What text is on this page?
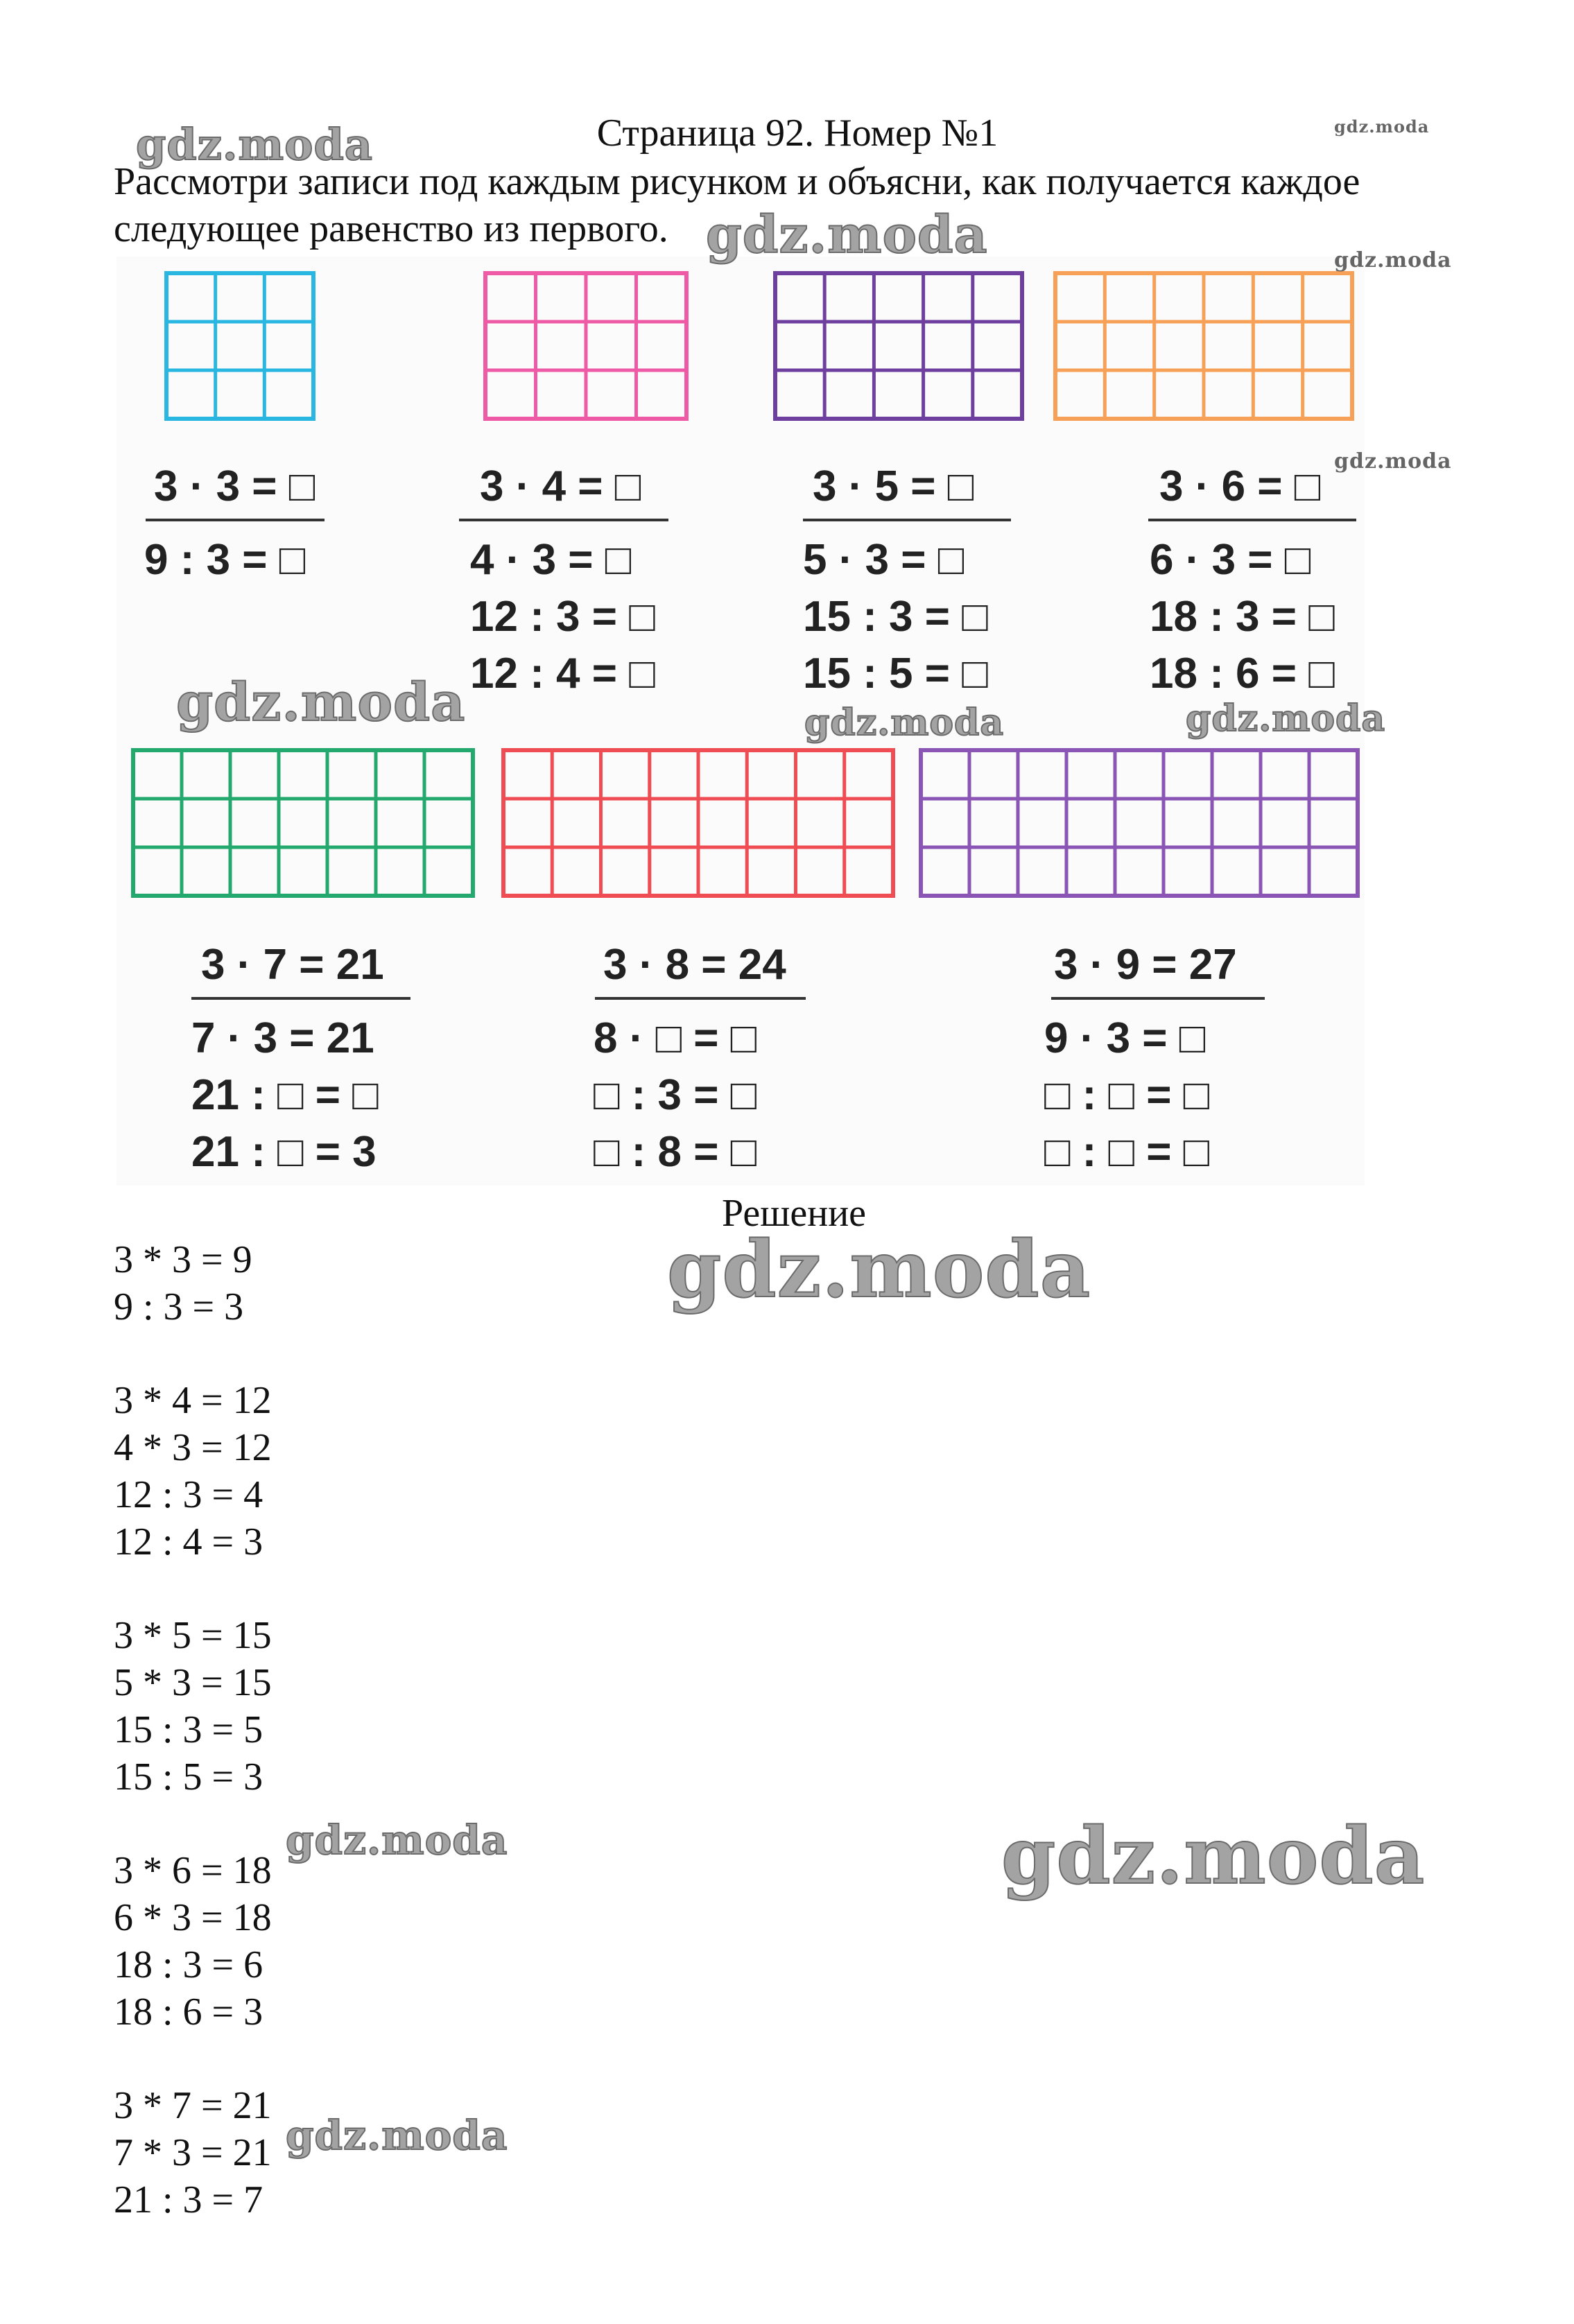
Страница 92. Номер №1
Рассмотри записи под каждым рисунком и объясни, как получается каждое
следующее равенство из первого.
3 · 3 = □
9 : 3 = □
3 · 4 = □
4 · 3 = □
12 : 3 = □
12 : 4 = □
3 · 5 = □
5 · 3 = □
15 : 3 = □
15 : 5 = □
3 · 6 = □
6 · 3 = □
18 : 3 = □
18 : 6 = □
3 · 7 = 21
7 · 3 = 21
21 : □ = □
21 : □ = 3
3 · 8 = 24
8 · □ = □
□ : 3 = □
□ : 8 = □
3 · 9 = 27
9 · 3 = □
□ : □ = □
□ : □ = □
Решение
3 * 3 = 9
9 : 3 = 3

3 * 4 = 12
4 * 3 = 12
12 : 3 = 4
12 : 4 = 3

3 * 5 = 15
5 * 3 = 15
15 : 3 = 5
15 : 5 = 3

3 * 6 = 18
6 * 3 = 18
18 : 3 = 6
18 : 6 = 3

3 * 7 = 21
7 * 3 = 21
21 : 3 = 7
gdz.moda	gdz.moda
gdz.moda	gdz.moda
gdz.moda
gdz.moda	gdz.moda	gdz.moda
gdz.moda
gdz.moda	gdz.moda
gdz.moda
